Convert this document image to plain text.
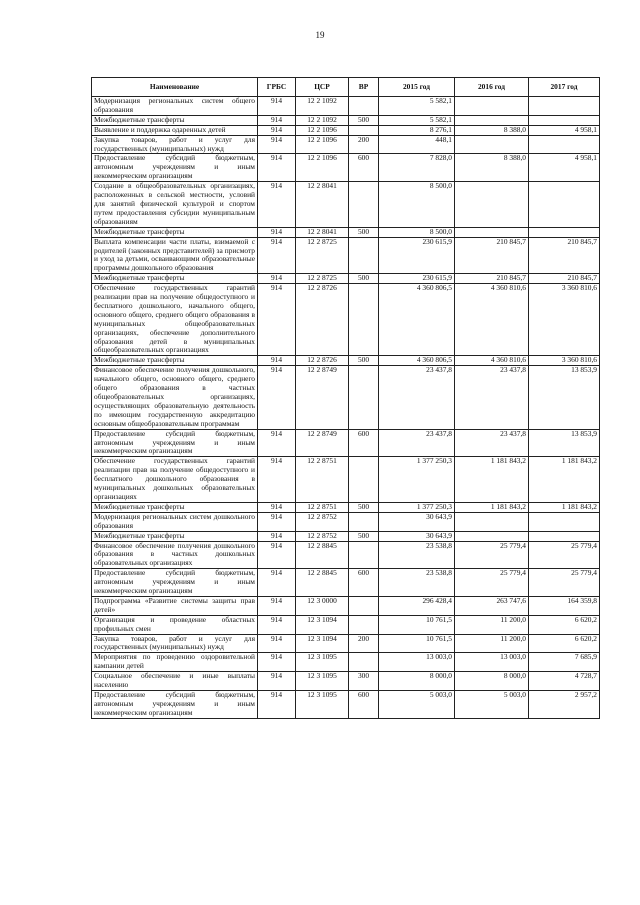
19
Наименование	ГРБС	ЦСР	ВР	2015 год	2016 год	2017 год
Модернизация региональных систем общего образования	914	12 2 1092		5 582,1		
Межбюджетные трансферты	914	12 2 1092	500	5 582,1		
Выявление и поддержка одаренных детей	914	12 2 1096		8 276,1	8 388,0	4 958,1
Закупка товаров, работ и услуг для государственных (муниципальных) нужд	914	12 2 1096	200	448,1		
Предоставление субсидий бюджетным, автономным учреждениям и иным некоммерческим организациям	914	12 2 1096	600	7 828,0	8 388,0	4 958,1
Создание в общеобразовательных организациях, расположенных в сельской местности, условий для занятий физической культурой и спортом путем предоставления субсидии муниципальным образованиям	914	12 2 8041		8 500,0		
Межбюджетные трансферты	914	12 2 8041	500	8 500,0		
Выплата компенсации части платы, взимаемой с родителей (законных представителей) за присмотр и уход за детьми, осваивающими образовательные программы дошкольного образования	914	12 2 8725		230 615,9	210 845,7	210 845,7
Межбюджетные трансферты	914	12 2 8725	500	230 615,9	210 845,7	210 845,7
Обеспечение государственных гарантий реализации прав на получение общедоступного и бесплатного дошкольного, начального общего, основного общего, среднего общего образования в муниципальных общеобразовательных организациях, обеспечение дополнительного образования детей в муниципальных общеобразовательных организациях	914	12 2 8726		4 360 806,5	4 360 810,6	3 360 810,6
Межбюджетные трансферты	914	12 2 8726	500	4 360 806,5	4 360 810,6	3 360 810,6
Финансовое обеспечение получения дошкольного, начального общего, основного общего, среднего общего образования в частных общеобразовательных организациях, осуществляющих образовательную деятельность по имеющим государственную аккредитацию основным общеобразовательным программам	914	12 2 8749		23 437,8	23 437,8	13 853,9
Предоставление субсидий бюджетным, автономным учреждениям и иным некоммерческим организациям	914	12 2 8749	600	23 437,8	23 437,8	13 853,9
Обеспечение государственных гарантий реализации прав на получение общедоступного и бесплатного дошкольного образования в муниципальных дошкольных образовательных организациях	914	12 2 8751		1 377 250,3	1 181 843,2	1 181 843,2
Межбюджетные трансферты	914	12 2 8751	500	1 377 250,3	1 181 843,2	1 181 843,2
Модернизация региональных систем дошкольного образования	914	12 2 8752		30 643,9		
Межбюджетные трансферты	914	12 2 8752	500	30 643,9		
Финансовое обеспечение получения дошкольного образования в частных дошкольных образовательных организациях	914	12 2 8845		23 538,8	25 779,4	25 779,4
Предоставление субсидий бюджетным, автономным учреждениям и иным некоммерческим организациям	914	12 2 8845	600	23 538,8	25 779,4	25 779,4
Подпрограмма «Развитие системы защиты прав детей»	914	12 3 0000		296 428,4	263 747,6	164 359,8
Организация и проведение областных профильных смен	914	12 3 1094		10 761,5	11 200,0	6 620,2
Закупка товаров, работ и услуг для государственных (муниципальных) нужд	914	12 3 1094	200	10 761,5	11 200,0	6 620,2
Мероприятия по проведению оздоровительной кампании детей	914	12 3 1095		13 003,0	13 003,0	7 685,9
Социальное обеспечение и иные выплаты населению	914	12 3 1095	300	8 000,0	8 000,0	4 728,7
Предоставление субсидий бюджетным, автономным учреждениям и иным некоммерческим организациям	914	12 3 1095	600	5 003,0	5 003,0	2 957,2
